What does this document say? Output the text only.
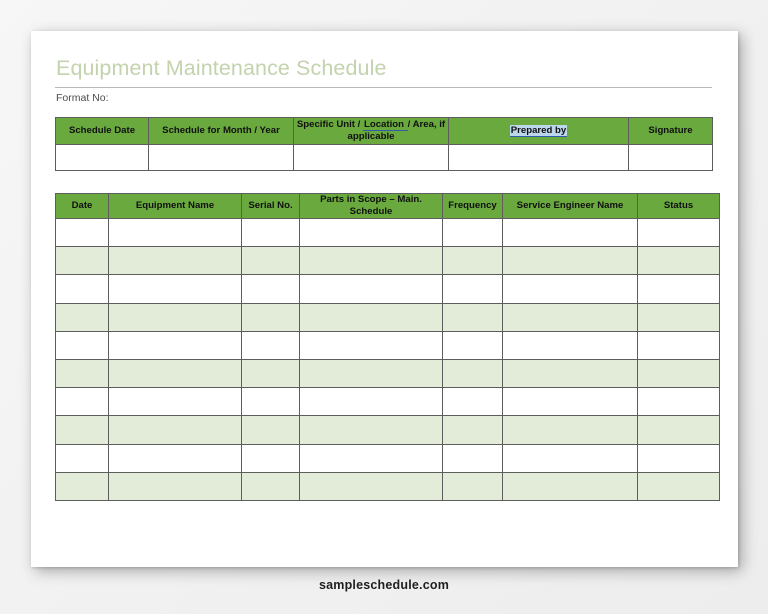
Equipment Maintenance Schedule
Format No:
Schedule Date	Schedule for Month / Year	Specific Unit / Location / Area, if applicable	Prepared by	Signature

Date	Equipment Name	Serial No.	Parts in Scope – Main. Schedule	Frequency	Service Engineer Name	Status

sampleschedule.com
